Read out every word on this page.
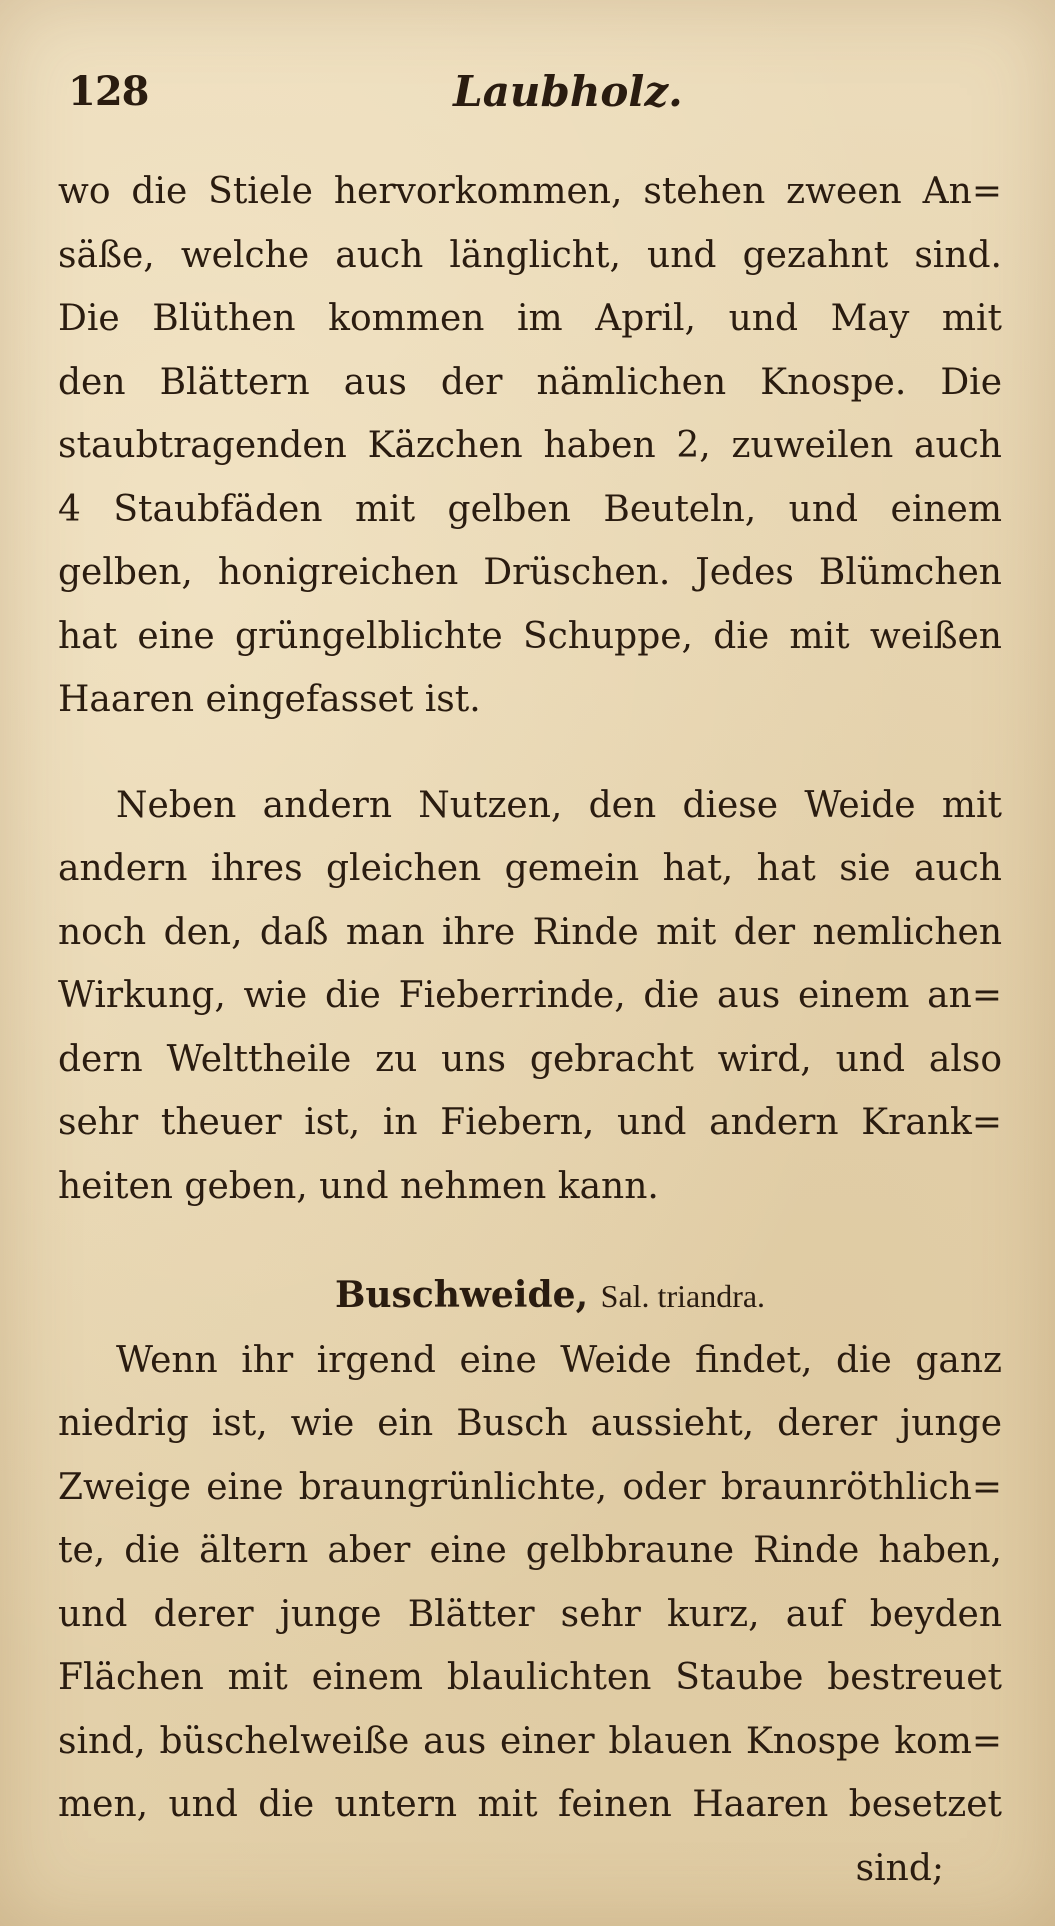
128	Laubholz.
wo die Stiele hervorkommen, stehen zween An=
säße, welche auch länglicht, und gezahnt sind.
Die Blüthen kommen im April, und May mit
den Blättern aus der nämlichen Knospe. Die
staubtragenden Käzchen haben 2, zuweilen auch
4 Staubfäden mit gelben Beuteln, und einem
gelben, honigreichen Drüschen. Jedes Blümchen
hat eine grüngelblichte Schuppe, die mit weißen
Haaren eingefasset ist.
Neben andern Nutzen, den diese Weide mit
andern ihres gleichen gemein hat, hat sie auch
noch den, daß man ihre Rinde mit der nemlichen
Wirkung, wie die Fieberrinde, die aus einem an=
dern Welttheile zu uns gebracht wird, und also
sehr theuer ist, in Fiebern, und andern Krank=
heiten geben, und nehmen kann.
Buschweide, Sal. triandra.
Wenn ihr irgend eine Weide findet, die ganz
niedrig ist, wie ein Busch aussieht, derer junge
Zweige eine braungrünlichte, oder braunröthlich=
te, die ältern aber eine gelbbraune Rinde haben,
und derer junge Blätter sehr kurz, auf beyden
Flächen mit einem blaulichten Staube bestreuet
sind, büschelweiße aus einer blauen Knospe kom=
men, und die untern mit feinen Haaren besetzet
sind;
